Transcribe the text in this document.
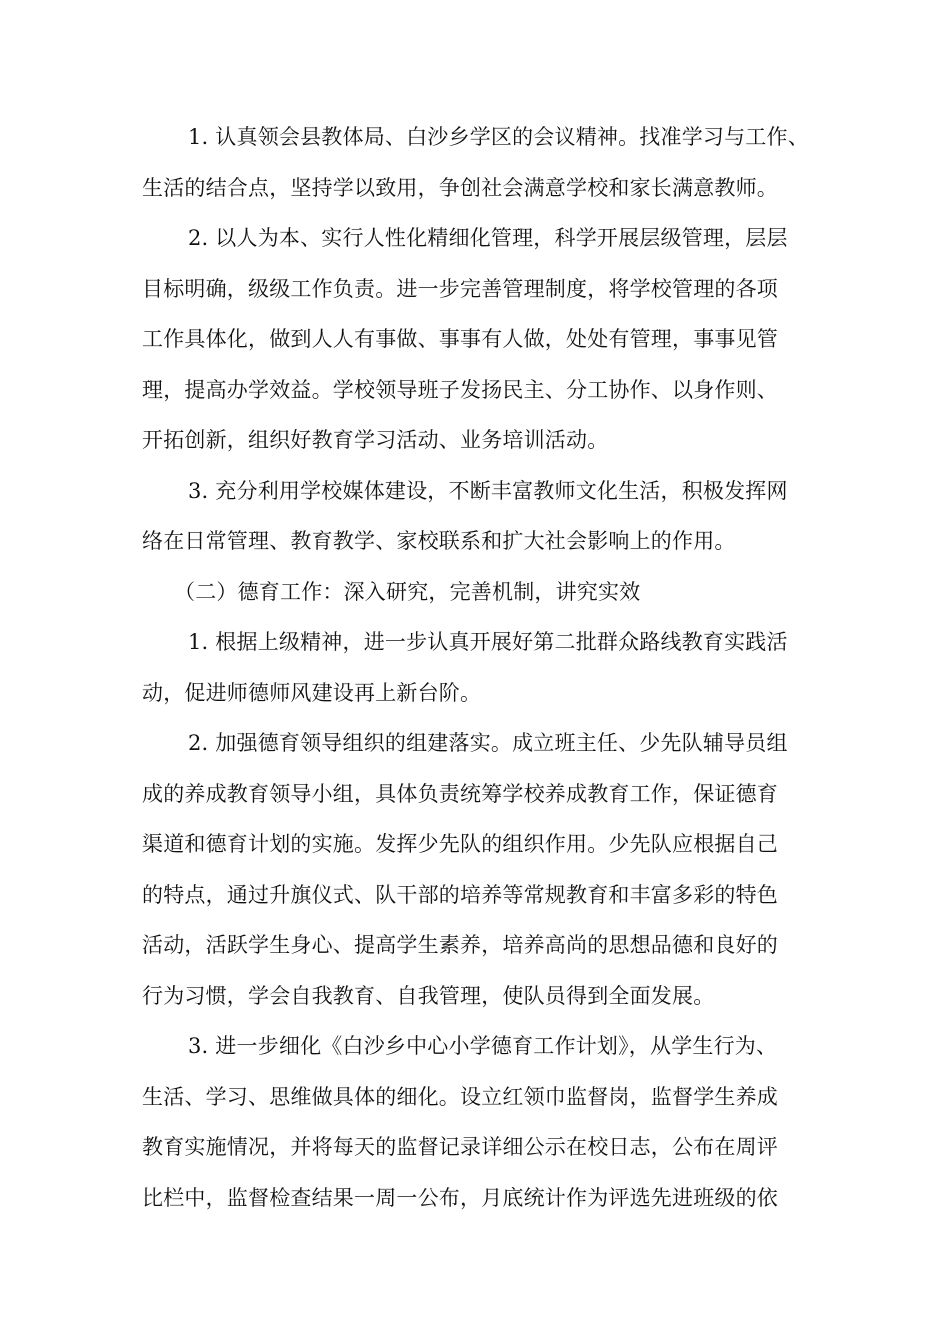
1. 认真领会县教体局、白沙乡学区的会议精神。找准学习与工作、
生活的结合点，坚持学以致用，争创社会满意学校和家长满意教师。
2. 以人为本、实行人性化精细化管理，科学开展层级管理，层层
目标明确，级级工作负责。进一步完善管理制度，将学校管理的各项
工作具体化，做到人人有事做、事事有人做，处处有管理，事事见管
理，提高办学效益。学校领导班子发扬民主、分工协作、以身作则、
开拓创新，组织好教育学习活动、业务培训活动。
3. 充分利用学校媒体建设，不断丰富教师文化生活，积极发挥网
络在日常管理、教育教学、家校联系和扩大社会影响上的作用。
（二）德育工作：深入研究，完善机制，讲究实效
1. 根据上级精神，进一步认真开展好第二批群众路线教育实践活
动，促进师德师风建设再上新台阶。
2. 加强德育领导组织的组建落实。成立班主任、少先队辅导员组
成的养成教育领导小组，具体负责统筹学校养成教育工作，保证德育
渠道和德育计划的实施。发挥少先队的组织作用。少先队应根据自己
的特点，通过升旗仪式、队干部的培养等常规教育和丰富多彩的特色
活动，活跃学生身心、提高学生素养，培养高尚的思想品德和良好的
行为习惯，学会自我教育、自我管理，使队员得到全面发展。
3. 进一步细化《白沙乡中心小学德育工作计划》，从学生行为、
生活、学习、思维做具体的细化。设立红领巾监督岗，监督学生养成
教育实施情况，并将每天的监督记录详细公示在校日志，公布在周评
比栏中，监督检查结果一周一公布，月底统计作为评选先进班级的依
